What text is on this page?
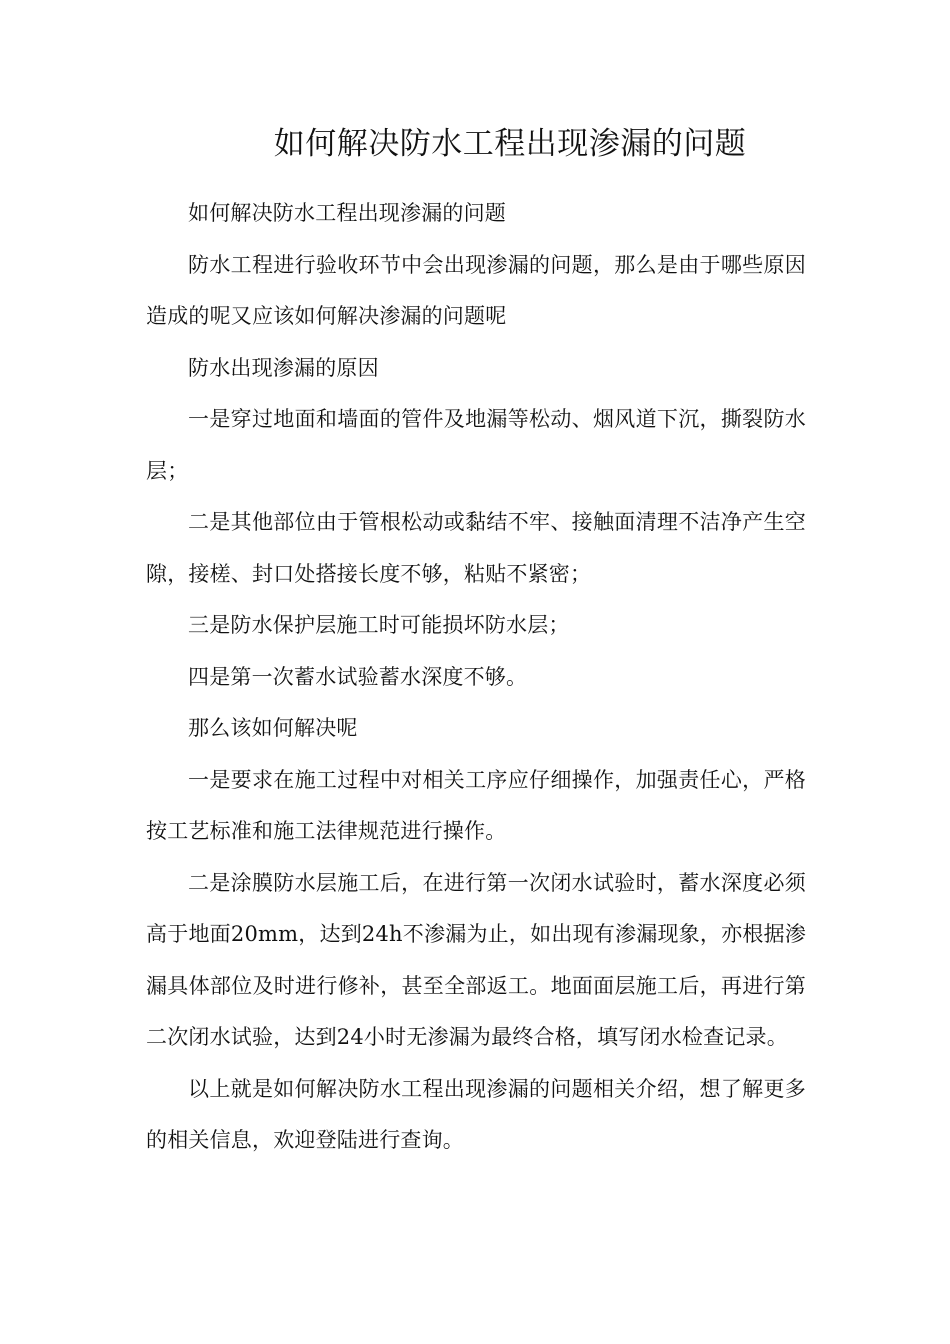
如何解决防水工程出现渗漏的问题

如何解决防水工程出现渗漏的问题

防水工程进行验收环节中会出现渗漏的问题，那么是由于哪些原因造成的呢又应该如何解决渗漏的问题呢

防水出现渗漏的原因

一是穿过地面和墙面的管件及地漏等松动、烟风道下沉，撕裂防水层；

二是其他部位由于管根松动或黏结不牢、接触面清理不洁净产生空隙，接槎、封口处搭接长度不够，粘贴不紧密；

三是防水保护层施工时可能损坏防水层；

四是第一次蓄水试验蓄水深度不够。

那么该如何解决呢

一是要求在施工过程中对相关工序应仔细操作，加强责任心，严格按工艺标准和施工法律规范进行操作。

二是涂膜防水层施工后，在进行第一次闭水试验时，蓄水深度必须高于地面20mm，达到24h不渗漏为止，如出现有渗漏现象，亦根据渗漏具体部位及时进行修补，甚至全部返工。地面面层施工后，再进行第二次闭水试验，达到24小时无渗漏为最终合格，填写闭水检查记录。

以上就是如何解决防水工程出现渗漏的问题相关介绍，想了解更多的相关信息，欢迎登陆进行查询。
